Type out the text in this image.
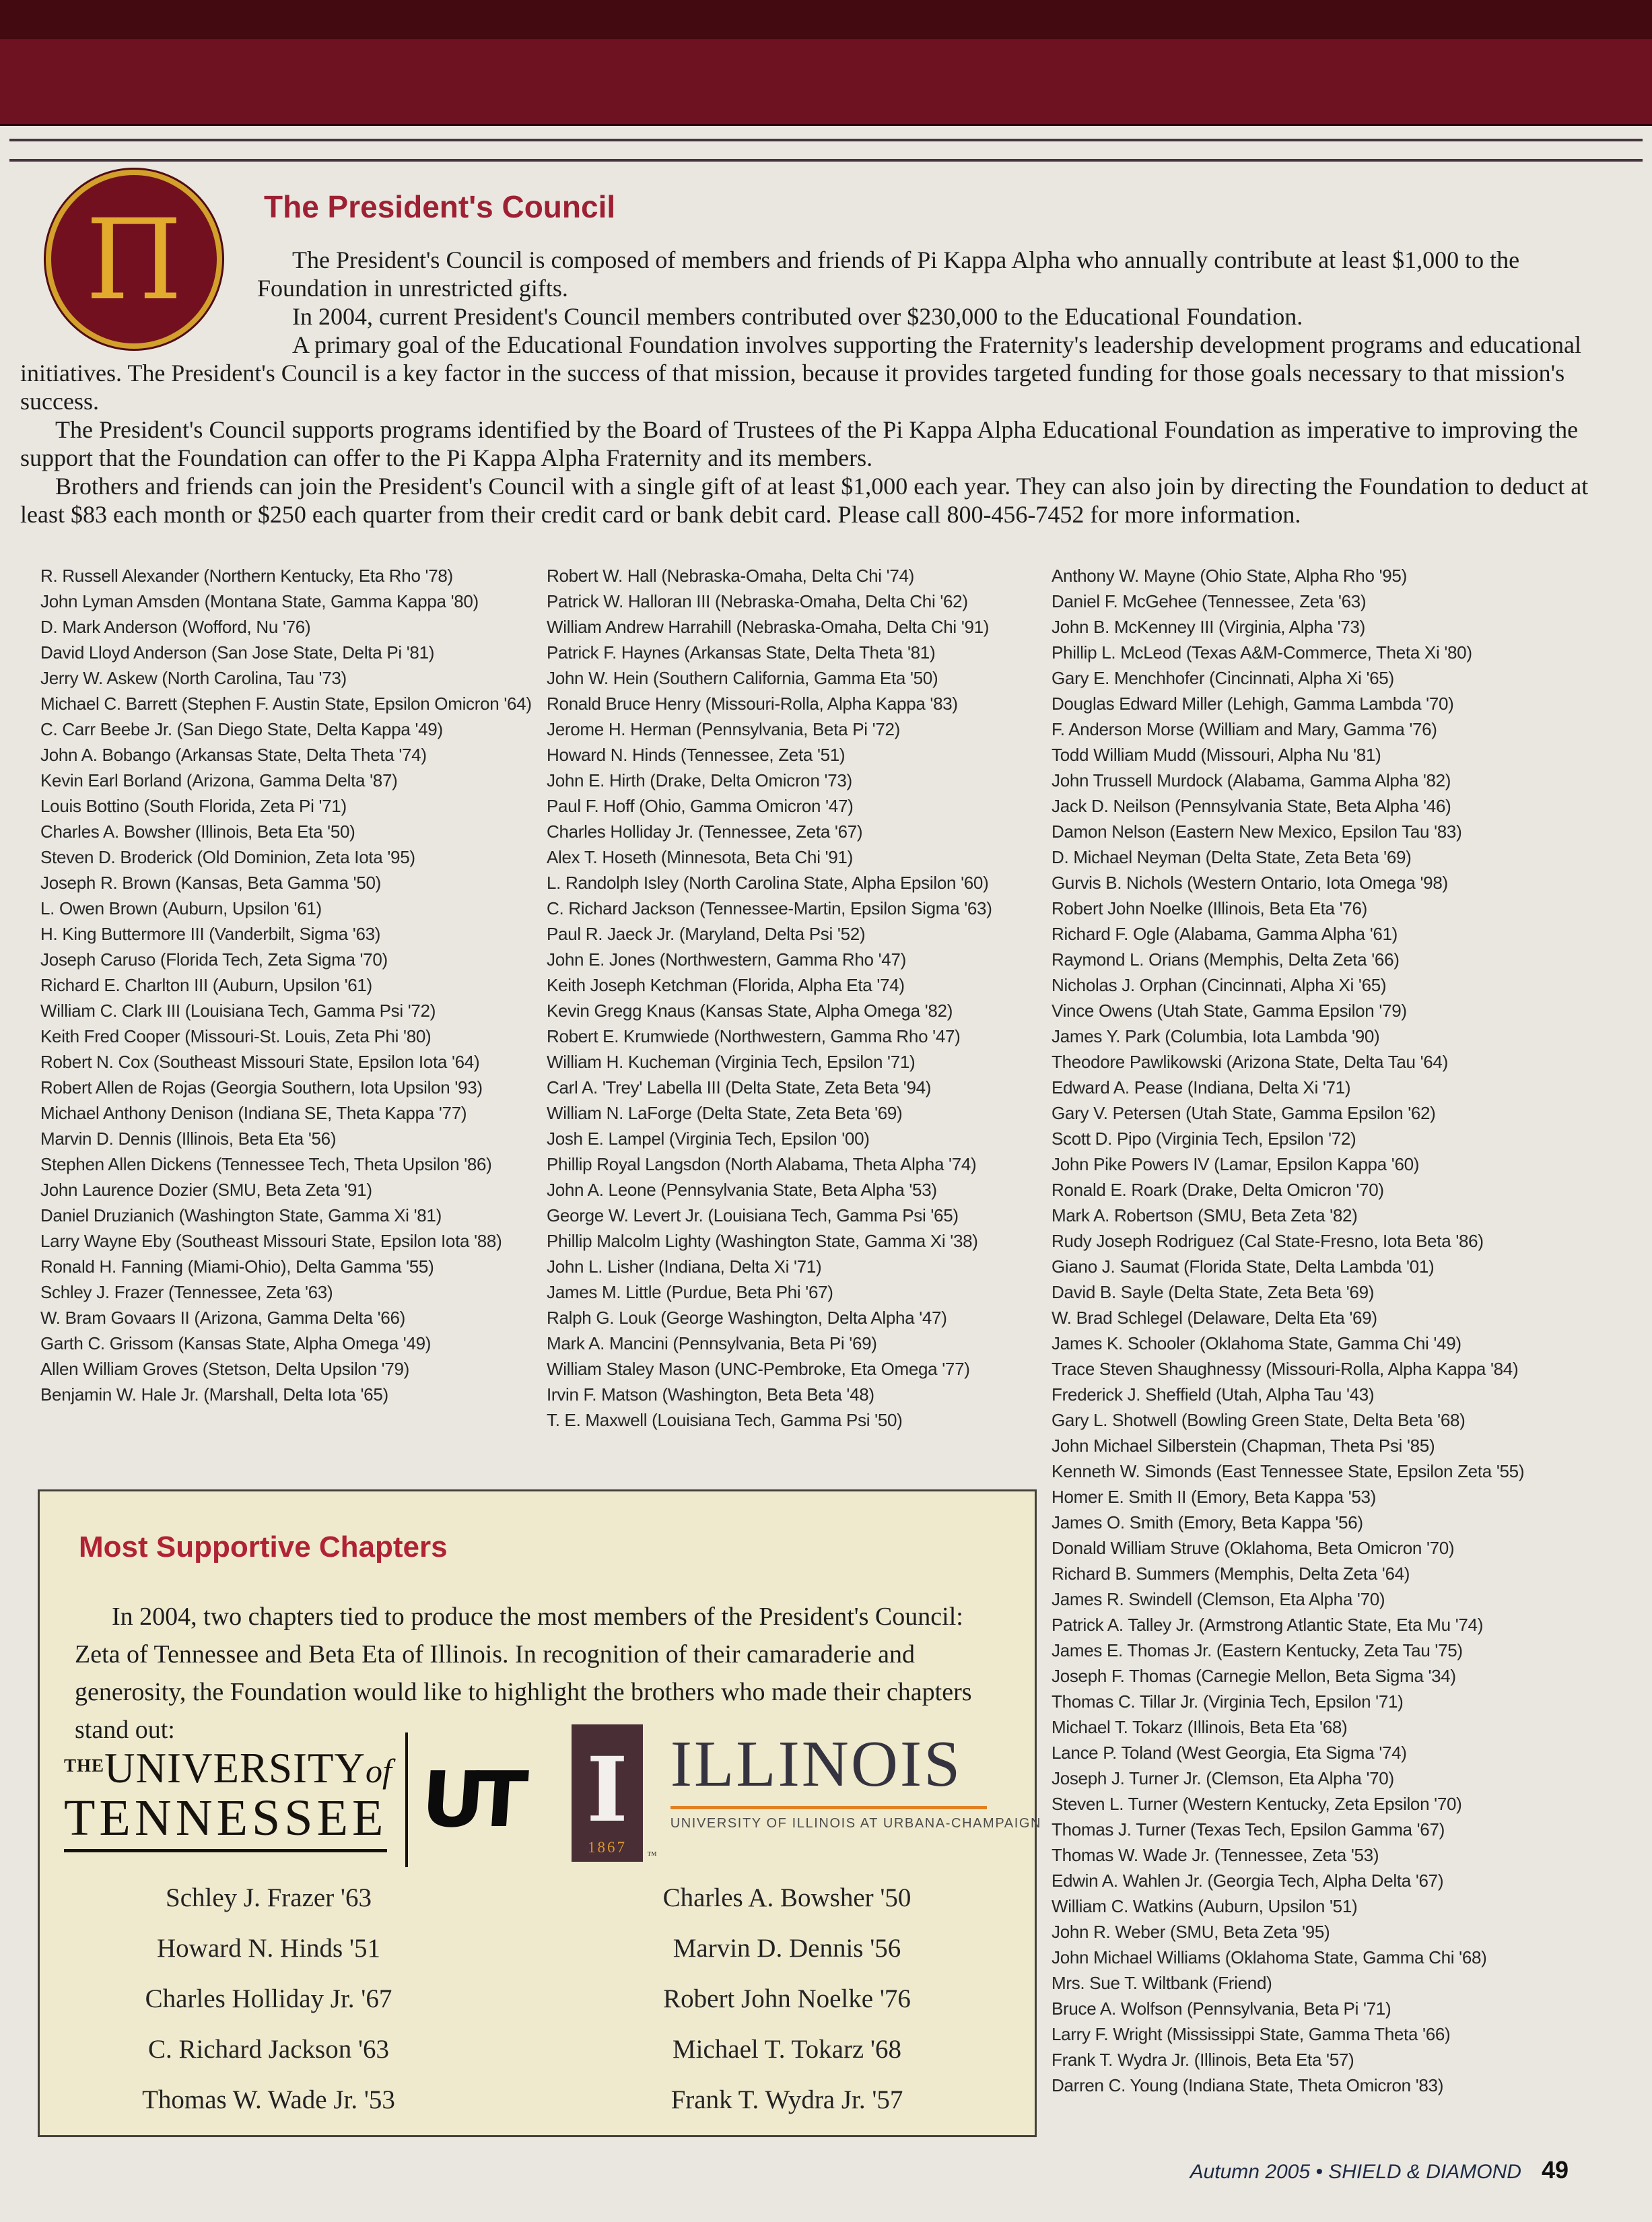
Π	The President's Council
The President's Council is composed of members and friends of Pi Kappa Alpha who annually contribute at least $1,000 to the Foundation in unrestricted gifts.
In 2004, current President's Council members contributed over $230,000 to the Educational Foundation.
A primary goal of the Educational Foundation involves supporting the Fraternity's leadership development programs and educational initiatives. The President's Council is a key factor in the success of that mission, because it provides targeted funding for those goals necessary to that mission's success.
The President's Council supports programs identified by the Board of Trustees of the Pi Kappa Alpha Educational Foundation as imperative to improving the support that the Foundation can offer to the Pi Kappa Alpha Fraternity and its members.
Brothers and friends can join the President's Council with a single gift of at least $1,000 each year. They can also join by directing the Foundation to deduct at least $83 each month or $250 each quarter from their credit card or bank debit card. Please call 800-456-7452 for more information.
R. Russell Alexander (Northern Kentucky, Eta Rho '78)
John Lyman Amsden (Montana State, Gamma Kappa '80)
D. Mark Anderson (Wofford, Nu '76)
David Lloyd Anderson (San Jose State, Delta Pi '81)
Jerry W. Askew (North Carolina, Tau '73)
Michael C. Barrett (Stephen F. Austin State, Epsilon Omicron '64)
C. Carr Beebe Jr. (San Diego State, Delta Kappa '49)
John A. Bobango (Arkansas State, Delta Theta '74)
Kevin Earl Borland (Arizona, Gamma Delta '87)
Louis Bottino (South Florida, Zeta Pi '71)
Charles A. Bowsher (Illinois, Beta Eta '50)
Steven D. Broderick (Old Dominion, Zeta Iota '95)
Joseph R. Brown (Kansas, Beta Gamma '50)
L. Owen Brown (Auburn, Upsilon '61)
H. King Buttermore III (Vanderbilt, Sigma '63)
Joseph Caruso (Florida Tech, Zeta Sigma '70)
Richard E. Charlton III (Auburn, Upsilon '61)
William C. Clark III (Louisiana Tech, Gamma Psi '72)
Keith Fred Cooper (Missouri-St. Louis, Zeta Phi '80)
Robert N. Cox (Southeast Missouri State, Epsilon Iota '64)
Robert Allen de Rojas (Georgia Southern, Iota Upsilon '93)
Michael Anthony Denison (Indiana SE, Theta Kappa '77)
Marvin D. Dennis (Illinois, Beta Eta '56)
Stephen Allen Dickens (Tennessee Tech, Theta Upsilon '86)
John Laurence Dozier (SMU, Beta Zeta '91)
Daniel Druzianich (Washington State, Gamma Xi '81)
Larry Wayne Eby (Southeast Missouri State, Epsilon Iota '88)
Ronald H. Fanning (Miami-Ohio), Delta Gamma '55)
Schley J. Frazer (Tennessee, Zeta '63)
W. Bram Govaars II (Arizona, Gamma Delta '66)
Garth C. Grissom (Kansas State, Alpha Omega '49)
Allen William Groves (Stetson, Delta Upsilon '79)
Benjamin W. Hale Jr. (Marshall, Delta Iota '65)
Robert W. Hall (Nebraska-Omaha, Delta Chi '74)
Patrick W. Halloran III (Nebraska-Omaha, Delta Chi '62)
William Andrew Harrahill (Nebraska-Omaha, Delta Chi '91)
Patrick F. Haynes (Arkansas State, Delta Theta '81)
John W. Hein (Southern California, Gamma Eta '50)
Ronald Bruce Henry (Missouri-Rolla, Alpha Kappa '83)
Jerome H. Herman (Pennsylvania, Beta Pi '72)
Howard N. Hinds (Tennessee, Zeta '51)
John E. Hirth (Drake, Delta Omicron '73)
Paul F. Hoff (Ohio, Gamma Omicron '47)
Charles Holliday Jr. (Tennessee, Zeta '67)
Alex T. Hoseth (Minnesota, Beta Chi '91)
L. Randolph Isley (North Carolina State, Alpha Epsilon '60)
C. Richard Jackson (Tennessee-Martin, Epsilon Sigma '63)
Paul R. Jaeck Jr. (Maryland, Delta Psi '52)
John E. Jones (Northwestern, Gamma Rho '47)
Keith Joseph Ketchman (Florida, Alpha Eta '74)
Kevin Gregg Knaus (Kansas State, Alpha Omega '82)
Robert E. Krumwiede (Northwestern, Gamma Rho '47)
William H. Kucheman (Virginia Tech, Epsilon '71)
Carl A. 'Trey' Labella III (Delta State, Zeta Beta '94)
William N. LaForge (Delta State, Zeta Beta '69)
Josh E. Lampel (Virginia Tech, Epsilon '00)
Phillip Royal Langsdon (North Alabama, Theta Alpha '74)
John A. Leone (Pennsylvania State, Beta Alpha '53)
George W. Levert Jr. (Louisiana Tech, Gamma Psi '65)
Phillip Malcolm Lighty (Washington State, Gamma Xi '38)
John L. Lisher (Indiana, Delta Xi '71)
James M. Little (Purdue, Beta Phi '67)
Ralph G. Louk (George Washington, Delta Alpha '47)
Mark A. Mancini (Pennsylvania, Beta Pi '69)
William Staley Mason (UNC-Pembroke, Eta Omega '77)
Irvin F. Matson (Washington, Beta Beta '48)
T. E. Maxwell (Louisiana Tech, Gamma Psi '50)
Anthony W. Mayne (Ohio State, Alpha Rho '95)
Daniel F. McGehee (Tennessee, Zeta '63)
John B. McKenney III (Virginia, Alpha '73)
Phillip L. McLeod (Texas A&M-Commerce, Theta Xi '80)
Gary E. Menchhofer (Cincinnati, Alpha Xi '65)
Douglas Edward Miller (Lehigh, Gamma Lambda '70)
F. Anderson Morse (William and Mary, Gamma '76)
Todd William Mudd (Missouri, Alpha Nu '81)
John Trussell Murdock (Alabama, Gamma Alpha '82)
Jack D. Neilson (Pennsylvania State, Beta Alpha '46)
Damon Nelson (Eastern New Mexico, Epsilon Tau '83)
D. Michael Neyman (Delta State, Zeta Beta '69)
Gurvis B. Nichols (Western Ontario, Iota Omega '98)
Robert John Noelke (Illinois, Beta Eta '76)
Richard F. Ogle (Alabama, Gamma Alpha '61)
Raymond L. Orians (Memphis, Delta Zeta '66)
Nicholas J. Orphan (Cincinnati, Alpha Xi '65)
Vince Owens (Utah State, Gamma Epsilon '79)
James Y. Park (Columbia, Iota Lambda '90)
Theodore Pawlikowski (Arizona State, Delta Tau '64)
Edward A. Pease (Indiana, Delta Xi '71)
Gary V. Petersen (Utah State, Gamma Epsilon '62)
Scott D. Pipo (Virginia Tech, Epsilon '72)
John Pike Powers IV (Lamar, Epsilon Kappa '60)
Ronald E. Roark (Drake, Delta Omicron '70)
Mark A. Robertson (SMU, Beta Zeta '82)
Rudy Joseph Rodriguez (Cal State-Fresno, Iota Beta '86)
Giano J. Saumat (Florida State, Delta Lambda '01)
David B. Sayle (Delta State, Zeta Beta '69)
W. Brad Schlegel (Delaware, Delta Eta '69)
James K. Schooler (Oklahoma State, Gamma Chi '49)
Trace Steven Shaughnessy (Missouri-Rolla, Alpha Kappa '84)
Frederick J. Sheffield (Utah, Alpha Tau '43)
Gary L. Shotwell (Bowling Green State, Delta Beta '68)
John Michael Silberstein (Chapman, Theta Psi '85)
Kenneth W. Simonds (East Tennessee State, Epsilon Zeta '55)
Homer E. Smith II (Emory, Beta Kappa '53)
James O. Smith (Emory, Beta Kappa '56)
Donald William Struve (Oklahoma, Beta Omicron '70)
Richard B. Summers (Memphis, Delta Zeta '64)
James R. Swindell (Clemson, Eta Alpha '70)
Patrick A. Talley Jr. (Armstrong Atlantic State, Eta Mu '74)
James E. Thomas Jr. (Eastern Kentucky, Zeta Tau '75)
Joseph F. Thomas (Carnegie Mellon, Beta Sigma '34)
Thomas C. Tillar Jr. (Virginia Tech, Epsilon '71)
Michael T. Tokarz (Illinois, Beta Eta '68)
Lance P. Toland (West Georgia, Eta Sigma '74)
Joseph J. Turner Jr. (Clemson, Eta Alpha '70)
Steven L. Turner (Western Kentucky, Zeta Epsilon '70)
Thomas J. Turner (Texas Tech, Epsilon Gamma '67)
Thomas W. Wade Jr. (Tennessee, Zeta '53)
Edwin A. Wahlen Jr. (Georgia Tech, Alpha Delta '67)
William C. Watkins (Auburn, Upsilon '51)
John R. Weber (SMU, Beta Zeta '95)
John Michael Williams (Oklahoma State, Gamma Chi '68)
Mrs. Sue T. Wiltbank (Friend)
Bruce A. Wolfson (Pennsylvania, Beta Pi '71)
Larry F. Wright (Mississippi State, Gamma Theta '66)
Frank T. Wydra Jr. (Illinois, Beta Eta '57)
Darren C. Young (Indiana State, Theta Omicron '83)
Most Supportive Chapters

In 2004, two chapters tied to produce the most members of the President's Council: Zeta of Tennessee and Beta Eta of Illinois. In recognition of their camaraderie and generosity, the Foundation would like to highlight the brothers who made their chapters stand out:

THEUNIVERSITYof
TENNESSEE UT I
1867 ™
ILLINOIS
UNIVERSITY OF ILLINOIS AT URBANA-CHAMPAIGN
Schley J. Frazer '63
Howard N. Hinds '51
Charles Holliday Jr. '67
C. Richard Jackson '63
Thomas W. Wade Jr. '53
Charles A. Bowsher '50
Marvin D. Dennis '56
Robert John Noelke '76
Michael T. Tokarz '68
Frank T. Wydra Jr. '57
Autumn 2005 • SHIELD & DIAMOND 49
